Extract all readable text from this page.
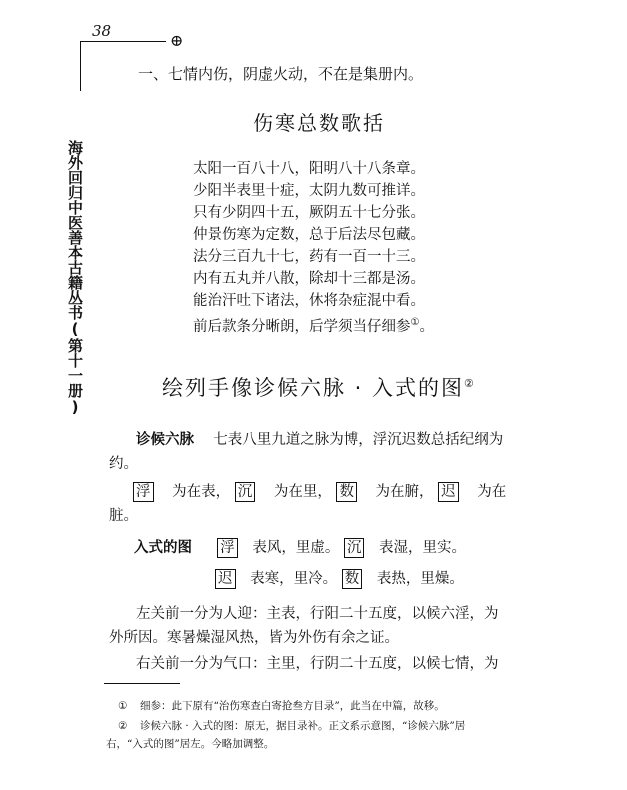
38	⊕
海外回归中医善本古籍丛书(第十一册)
一、七情内伤，阴虚火动，不在是集册内。
伤寒总数歌括
太阳一百八十八，阳明八十八条章。
少阳半表里十症，太阴九数可推详。
只有少阴四十五，厥阴五十七分张。
仲景伤寒为定数，总于后法尽包藏。
法分三百九十七，药有一百一十三。
内有五丸并八散，除却十三都是汤。
能治汗吐下诸法，休将杂症混中看。
前后款条分晰朗，后学须当仔细参①。
绘列手像诊候六脉 · 入式的图②
诊候六脉 七表八里九道之脉为博，浮沉迟数总括纪纲为
约。
浮 为在表， 沉 为在里， 数 为在腑， 迟 为在
脏。
入式的图 浮 表风，里虚。 沉 表湿，里实。
迟 表寒，里冷。 数 表热，里燥。
左关前一分为人迎：主表，行阳二十五度，以候六淫，为
外所因。寒暑燥湿风热，皆为外伤有余之证。
右关前一分为气口：主里，行阴二十五度，以候七情，为
① 细参：此下原有“治伤寒查白寄抢叁方目录”，此当在中篇，故移。
② 诊候六脉 · 入式的图：原无，据目录补。正文系示意图，“诊候六脉”居
右，“入式的图”居左。今略加调整。
